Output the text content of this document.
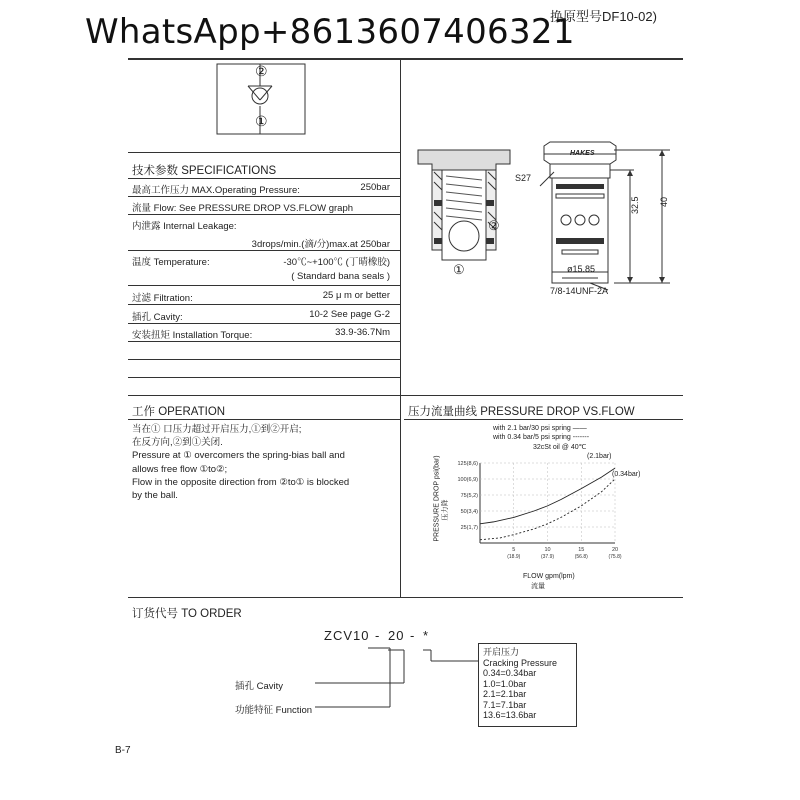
WhatsApp+8613607406321
换原型号DF10-02)
②
①
技术参数 SPECIFICATIONS
最高工作压力 MAX.Operating Pressure:	250bar
流量 Flow: See PRESSURE DROP VS.FLOW graph
内泄露 Internal Leakage:
3drops/min.(滴/分)max.at 250bar
温度 Temperature:	-30℃~+100℃ (丁晴橡胶)
( Standard bana seals )
过滤 Filtration:	25 μ m or better
插孔 Cavity:	10-2 See page G-2
安装扭矩 Installation Torque:	33.9-36.7Nm
②
①
HAKES
S27
32.5 40
ø15.85
7/8-14UNF-2A
工作 OPERATION
当在① 口压力超过开启压力,①到②开启;
在反方向,②到①关闭.
Pressure at ① overcomers the spring-bias ball and
allows free flow ①to②;
Flow in the opposite direction from ②to① is blocked
by the ball.
压力流量曲线 PRESSURE DROP VS.FLOW
with 2.1 bar/30 psi spring ——
with 0.34 bar/5 psi spring -------
32cSt oil @ 40℃
(2.1bar)
(0.34bar)
压力降
PRESSURE DROP psi(bar)
FLOW gpm(lpm)
流量
25(1,7)
50(3,4)
75(5,2)
100(6,9)
125(8,6)
5
(18.9)
10
(37.9)
15
(56.8)
20
(75.8)
订货代号 TO ORDER
ZCV10 - 20 - *
插孔 Cavity
功能特征 Function
开启压力
Cracking Pressure
0.34=0.34bar
1.0=1.0bar
2.1=2.1bar
7.1=7.1bar
13.6=13.6bar
B-7
